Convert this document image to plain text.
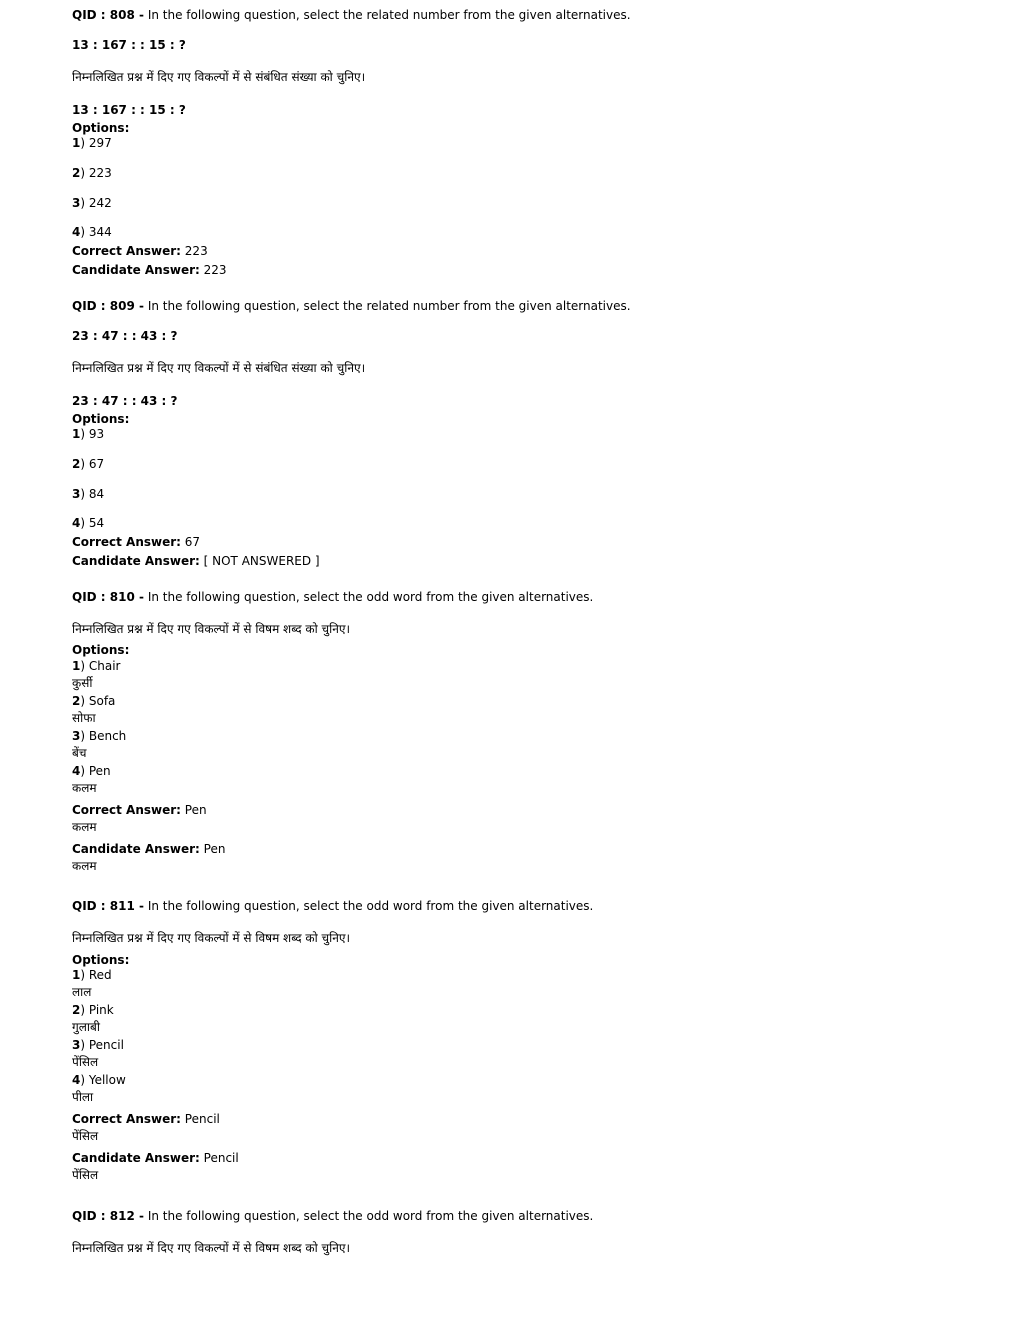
QID : 808 - In the following question, select the related number from the given alternatives.
13 : 167 : : 15 : ?
निम्नलिखित प्रश्न में दिए गए विकल्पों में से संबंधित संख्या को चुनिए।
13 : 167 : : 15 : ?
Options:
1) 297
2) 223
3) 242
4) 344
Correct Answer: 223
Candidate Answer: 223
QID : 809 - In the following question, select the related number from the given alternatives.
23 : 47 : : 43 : ?
निम्नलिखित प्रश्न में दिए गए विकल्पों में से संबंधित संख्या को चुनिए।
23 : 47 : : 43 : ?
Options:
1) 93
2) 67
3) 84
4) 54
Correct Answer: 67
Candidate Answer: [ NOT ANSWERED ]
QID : 810 - In the following question, select the odd word from the given alternatives.
निम्नलिखित प्रश्न में दिए गए विकल्पों में से विषम शब्द को चुनिए।
Options:
1) Chair
कुर्सी
2) Sofa
सोफा
3) Bench
बेंच
4) Pen
कलम
Correct Answer: Pen
कलम
Candidate Answer: Pen
कलम
QID : 811 - In the following question, select the odd word from the given alternatives.
निम्नलिखित प्रश्न में दिए गए विकल्पों में से विषम शब्द को चुनिए।
Options:
1) Red
लाल
2) Pink
गुलाबी
3) Pencil
पेंसिल
4) Yellow
पीला
Correct Answer: Pencil
पेंसिल
Candidate Answer: Pencil
पेंसिल
QID : 812 - In the following question, select the odd word from the given alternatives.
निम्नलिखित प्रश्न में दिए गए विकल्पों में से विषम शब्द को चुनिए।
